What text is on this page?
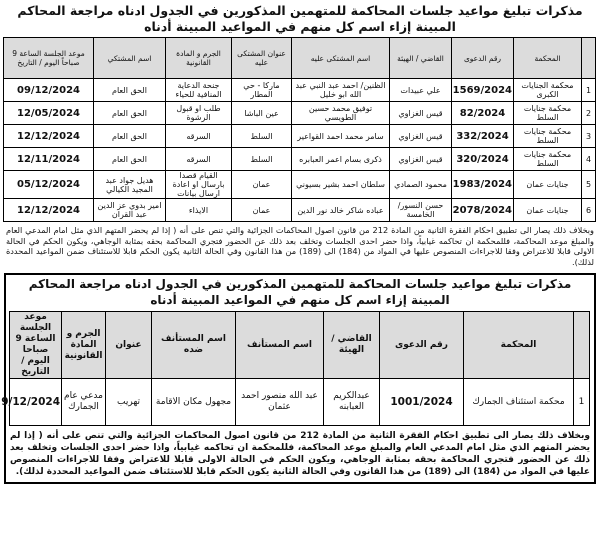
مذكرات تبليغ مواعيد جلسات المحاكمة للمتهمين المذكورين في الجدول ادناه مراجعة المحاكم المبينة إزاء اسم كل منهم في المواعيد المبينة أدناه
	المحكمة	رقم الدعوى	القاضي / الهيئة	اسم المشتكى عليه	عنوان المشتكى عليه	الجرم و المادة القانونية	اسم المشتكي	موعد الجلسة الساعة 9 صباحاً اليوم / التاريخ
1	محكمة الجنايات الكبرى	1569/2024	علي عبيدات	الظنين/ احمد عبد النبي عبد الله ابو خليل	ماركا - حي المطار	جنحة الدعاية المنافية للحياء	الحق العام	09/12/2024
2	محكمة جنايات السلط	82/2024	قيس الغزاوي	توفيق محمد حسين الطويسي	عين الباشا	طلب او قبول الرشوة	الحق العام	12/05/2024
3	محكمة جنايات السلط	332/2024	قيس الغزاوي	سامر محمد احمد القواعير	السلط	السرقه	الحق العام	12/12/2024
4	محكمة جنايات السلط	320/2024	قيس الغزاوي	ذكرى بسام اعمر العبابره	السلط	السرقه	الحق العام	12/11/2024
5	جنايات عمان	1983/2024	محمود الصمادي	سلطان احمد بشير بسيوني	عمان	القيام قصدا بارسال او اعادة ارسال بيانات	هديل جواد عبد المجيد الكيالي	05/12/2024
6	جنايات عمان	2078/2024	حسن النسور/ الخامسة	عباده شاكر خالد نور الدين	عمان	الايذاء	امير بدوي عز الدين عبد القران	12/12/2024
وبخلاف ذلك يصار الى تطبيق احكام الفقرة الثانية من المادة 212 من قانون اصول المحاكمات الجزائية والتي تنص على أنه ( إذا لم يحضر المتهم الذي مثل امام المدعي العام والمبلغ موعد المحاكمة، فللمحكمة ان تحاكمه غيابياً، واذا حضر احدى الجلسات وتخلف بعد ذلك عن الحضور فتجري المحاكمة بحقه بمثابة الوجاهي، ويكون الحكم في الحالة الاولى قابلا للاعتراض وفقا للاجراءات المنصوص عليها في المواد من (184) الى (189) من هذا القانون وفي الحالة الثانية يكون الحكم قابلا للاستئناف ضمن المواعيد المحددة لذلك).
مذكرات تبليغ مواعيد جلسات المحاكمة للمتهمين المذكورين في الجدول ادناه مراجعة المحاكم المبينة إزاء اسم كل منهم في المواعيد المبينة أدناه
	المحكمة	رقم الدعوى	القاضي / الهيئة	اسم المستأنف	اسم المستأنف ضده	عنوان	الجرم و المادة القانونية	موعد الجلسة الساعة 9 صباحا اليوم / التاريخ
1	محكمة استئناف الجمارك	1001/2024	عبدالكريم العبابنه	عبد الله منصور احمد عثمان	مجهول مكان الاقامة	تهريب	مدعي عام الجمارك	9/12/2024
وبخلاف ذلك يصار الى تطبيق احكام الفقرة الثانية من المادة 212 من قانون اصول المحاكمات الجزائية والتي تنص على أنه ( إذا لم يحضر المتهم الذي مثل امام المدعي العام والمبلغ موعد المحاكمة، فللمحكمة ان تحاكمه غيابياً، واذا حضر احدى الجلسات وتخلف بعد ذلك عن الحضور فتجري المحاكمة بحقه بمثابة الوجاهي، ويكون الحكم في الحالة الاولى قابلا للاعتراض وفقا للاجراءات المنصوص عليها في المواد من (184) الى (189) من هذا القانون وفي الحالة الثانية يكون الحكم قابلا للاستئناف ضمن المواعيد المحددة لذلك).
